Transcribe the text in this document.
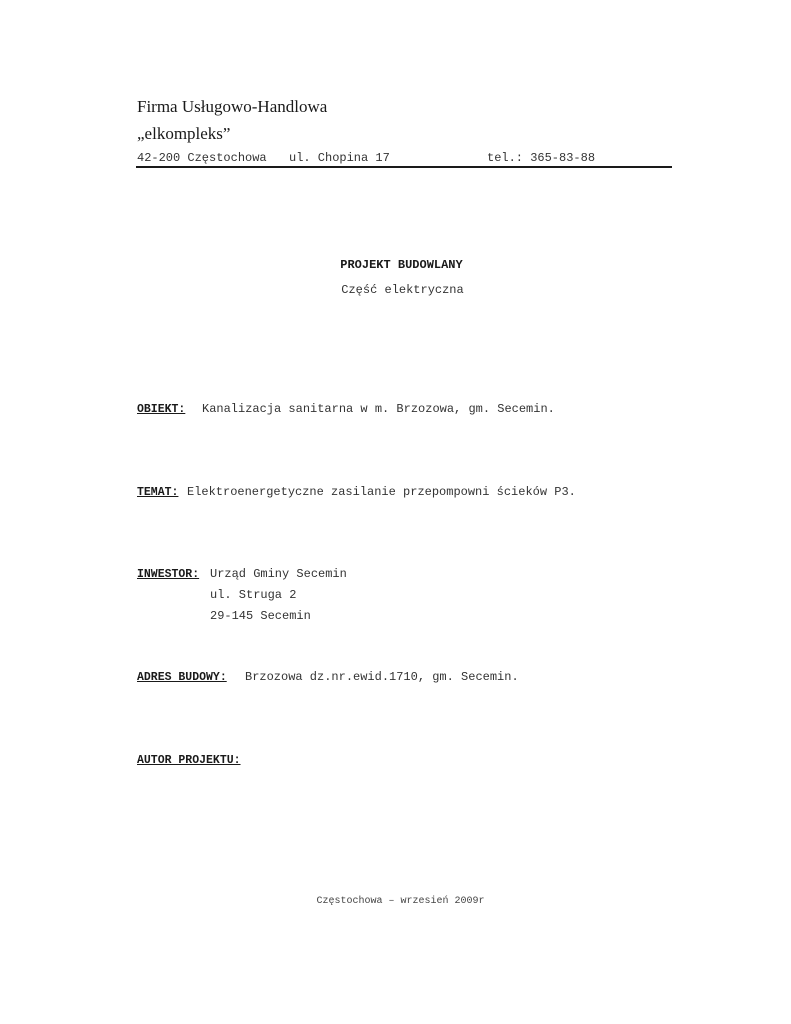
Firma Usługowo-Handlowa
„elkompleks”
42-200 Częstochowa ul. Chopina 17	tel.: 365-83-88
PROJEKT BUDOWLANY
Część elektryczna
OBIEKT: Kanalizacja sanitarna w m. Brzozowa, gm. Secemin.
TEMAT: Elektroenergetyczne zasilanie przepompowni ścieków P3.
INWESTOR: Urząd Gminy Secemin
ul. Struga 2
29-145 Secemin
ADRES BUDOWY: Brzozowa dz.nr.ewid.1710, gm. Secemin.
AUTOR PROJEKTU:
Częstochowa – wrzesień 2009r
